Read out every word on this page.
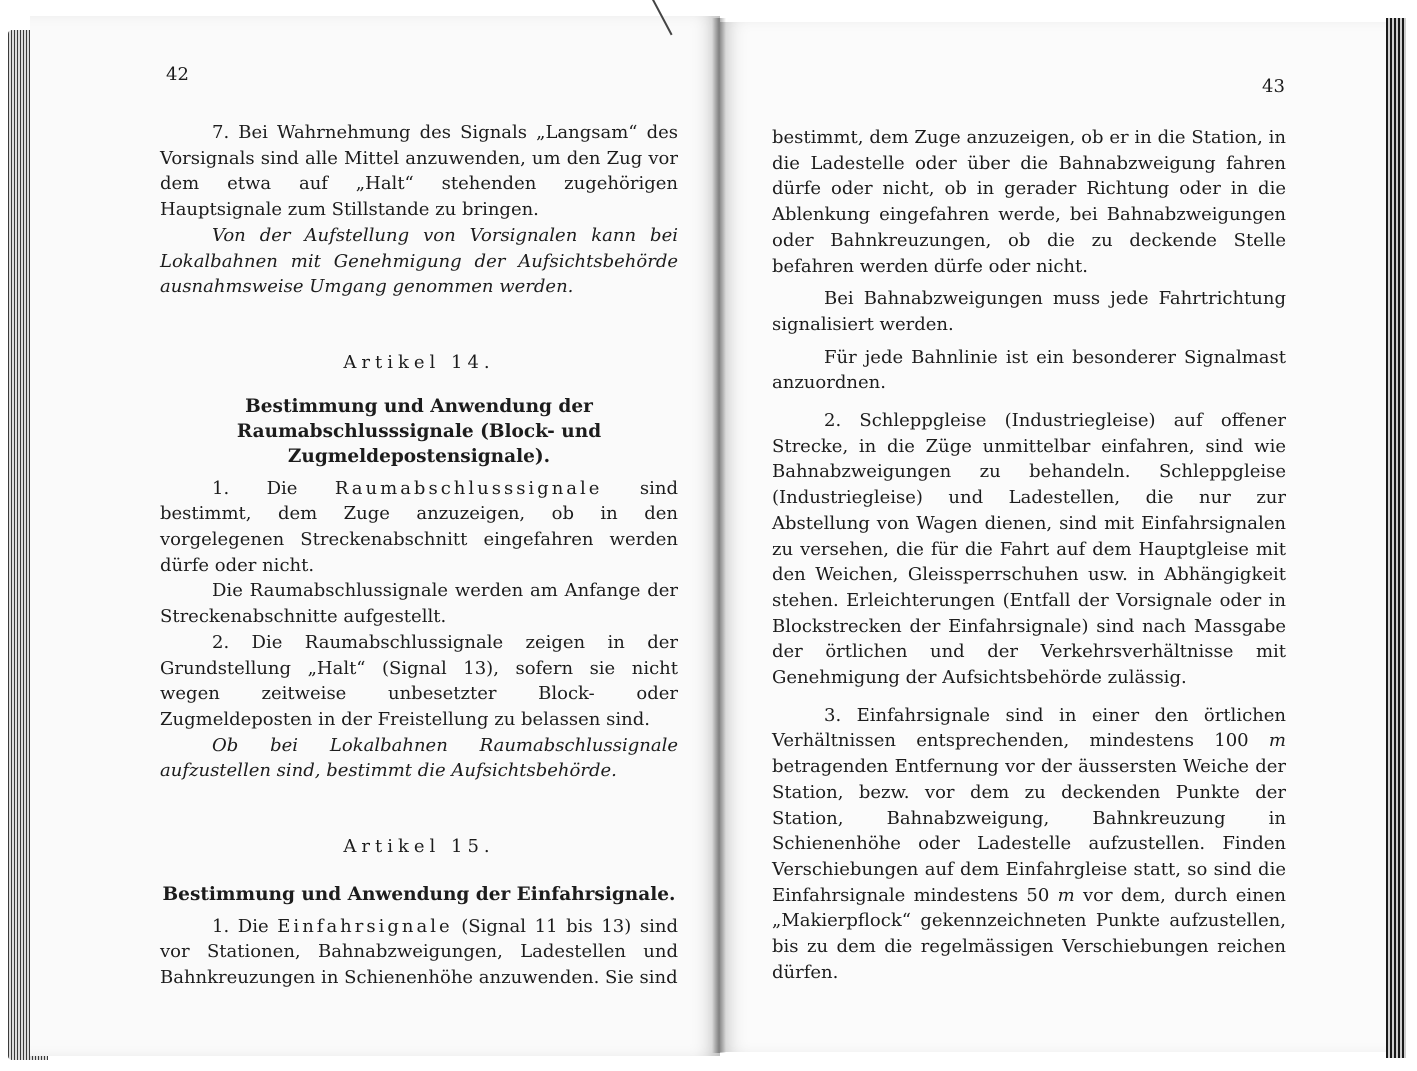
42

7. Bei Wahrnehmung des Signals „Langsam“ des Vorsignals sind alle Mittel anzuwenden, um den Zug vor dem etwa auf „Halt“ stehenden zugehörigen Hauptsignale zum Stillstande zu bringen.

Von der Aufstellung von Vorsignalen kann bei Lokalbahnen mit Genehmigung der Aufsichtsbehörde ausnahmsweise Umgang genommen werden.

Artikel 14.

Bestimmung und Anwendung der Raumabschlusssignale (Block- und Zugmeldepostensignale).

1. Die Raumabschlusssignale sind bestimmt, dem Zuge anzuzeigen, ob in den vorgelegenen Streckenabschnitt eingefahren werden dürfe oder nicht.

Die Raumabschlussignale werden am Anfange der Streckenabschnitte aufgestellt.

2. Die Raumabschlussignale zeigen in der Grundstellung „Halt“ (Signal 13), sofern sie nicht wegen zeitweise unbesetzter Block- oder Zugmeldeposten in der Freistellung zu belassen sind.

Ob bei Lokalbahnen Raumabschlussignale aufzustellen sind, bestimmt die Aufsichtsbehörde.

Artikel 15.

Bestimmung und Anwendung der Einfahrsignale.

1. Die Einfahrsignale (Signal 11 bis 13) sind vor Stationen, Bahnabzweigungen, Ladestellen und Bahnkreuzungen in Schienenhöhe anzuwenden. Sie sind

43

bestimmt, dem Zuge anzuzeigen, ob er in die Station, in die Ladestelle oder über die Bahnabzweigung fahren dürfe oder nicht, ob in gerader Richtung oder in die Ablenkung eingefahren werde, bei Bahnabzweigungen oder Bahnkreuzungen, ob die zu deckende Stelle befahren werden dürfe oder nicht.

Bei Bahnabzweigungen muss jede Fahrtrichtung signalisiert werden.

Für jede Bahnlinie ist ein besonderer Signalmast anzuordnen.

2. Schleppgleise (Industriegleise) auf offener Strecke, in die Züge unmittelbar einfahren, sind wie Bahnabzweigungen zu behandeln. Schleppgleise (Industriegleise) und Ladestellen, die nur zur Abstellung von Wagen dienen, sind mit Einfahrsignalen zu versehen, die für die Fahrt auf dem Hauptgleise mit den Weichen, Gleissperrschuhen usw. in Abhängigkeit stehen. Erleichterungen (Entfall der Vorsignale oder in Blockstrecken der Einfahrsignale) sind nach Massgabe der örtlichen und der Verkehrsverhältnisse mit Genehmigung der Aufsichtsbehörde zulässig.

3. Einfahrsignale sind in einer den örtlichen Verhältnissen entsprechenden, mindestens 100 m betragenden Entfernung vor der äussersten Weiche der Station, bezw. vor dem zu deckenden Punkte der Station, Bahnabzweigung, Bahnkreuzung in Schienenhöhe oder Ladestelle aufzustellen. Finden Verschiebungen auf dem Einfahrgleise statt, so sind die Einfahrsignale mindestens 50 m vor dem, durch einen „Makierpflock“ gekennzeichneten Punkte aufzustellen, bis zu dem die regelmässigen Verschiebungen reichen dürfen.
